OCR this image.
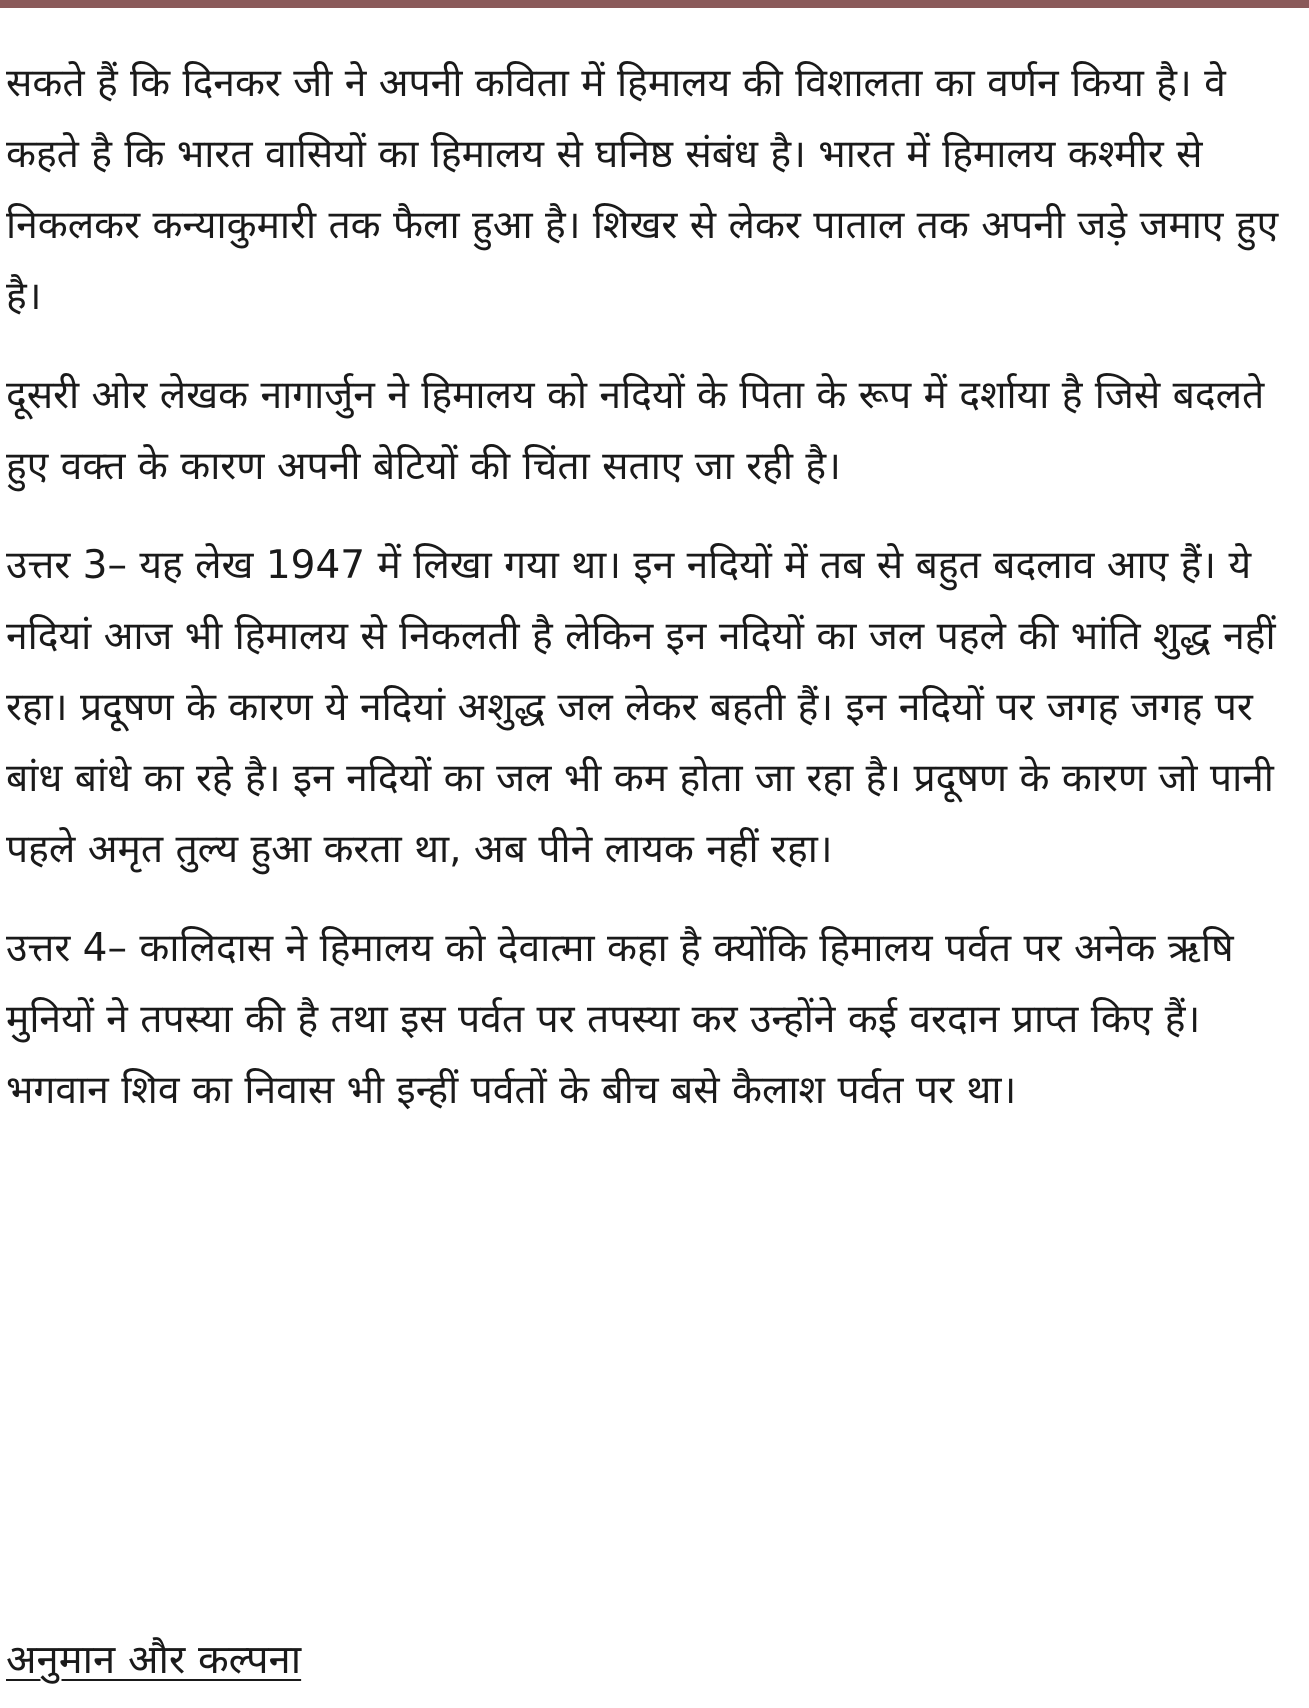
सकते हैं कि दिनकर जी ने अपनी कविता में हिमालय की विशालता का वर्णन किया है। वे कहते है कि भारत वासियों का हिमालय से घनिष्ठ संबंध है। भारत में हिमालय कश्मीर से निकलकर कन्याकुमारी तक फैला हुआ है। शिखर से लेकर पाताल तक अपनी जड़े जमाए हुए है।

दूसरी ओर लेखक नागार्जुन ने हिमालय को नदियों के पिता के रूप में दर्शाया है जिसे बदलते हुए वक्त के कारण अपनी बेटियों की चिंता सताए जा रही है।

उत्तर 3– यह लेख 1947 में लिखा गया था। इन नदियों में तब से बहुत बदलाव आए हैं। ये नदियां आज भी हिमालय से निकलती है लेकिन इन नदियों का जल पहले की भांति शुद्ध नहीं रहा। प्रदूषण के कारण ये नदियां अशुद्ध जल लेकर बहती हैं। इन नदियों पर जगह जगह पर बांध बांधे का रहे है। इन नदियों का जल भी कम होता जा रहा है। प्रदूषण के कारण जो पानी पहले अमृत तुल्य हुआ करता था, अब पीने लायक नहीं रहा।

उत्तर 4– कालिदास ने हिमालय को देवात्मा कहा है क्योंकि हिमालय पर्वत पर अनेक ऋषि मुनियों ने तपस्या की है तथा इस पर्वत पर तपस्या कर उन्होंने कई वरदान प्राप्त किए हैं। भगवान शिव का निवास भी इन्हीं पर्वतों के बीच बसे कैलाश पर्वत पर था।

अनुमान और कल्पना
